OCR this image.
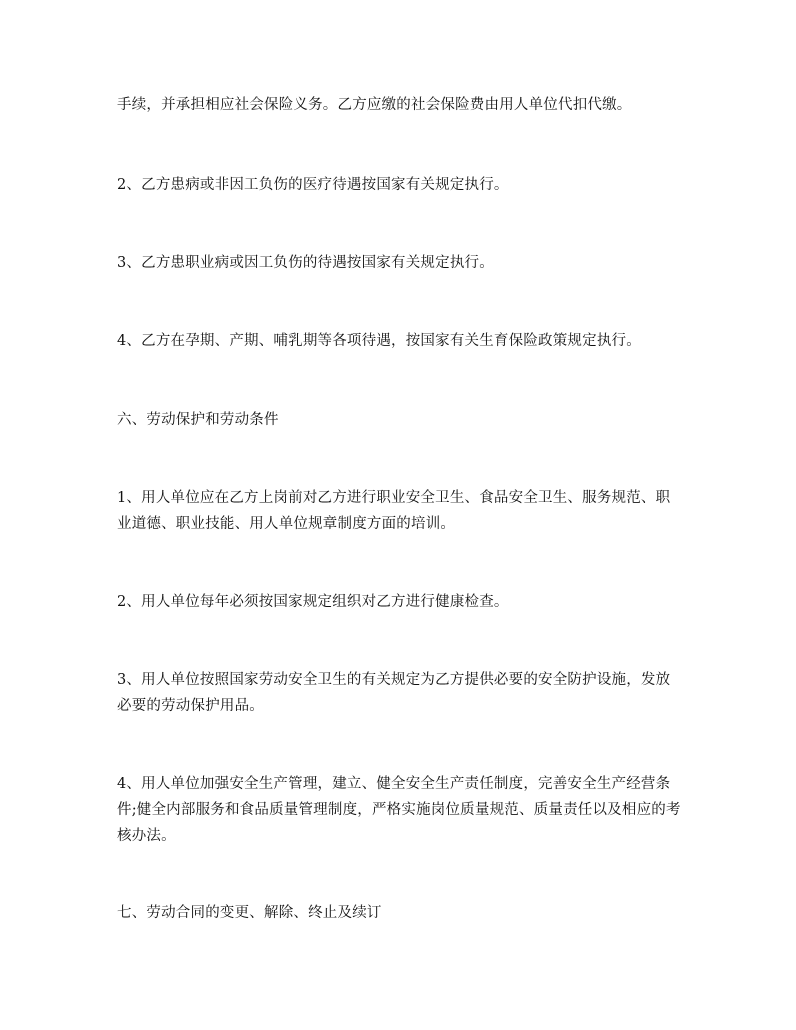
手续，并承担相应社会保险义务。乙方应缴的社会保险费由用人单位代扣代缴。

2、乙方患病或非因工负伤的医疗待遇按国家有关规定执行。

3、乙方患职业病或因工负伤的待遇按国家有关规定执行。

4、乙方在孕期、产期、哺乳期等各项待遇，按国家有关生育保险政策规定执行。

六、劳动保护和劳动条件

1、用人单位应在乙方上岗前对乙方进行职业安全卫生、食品安全卫生、服务规范、职业道德、职业技能、用人单位规章制度方面的培训。

2、用人单位每年必须按国家规定组织对乙方进行健康检查。

3、用人单位按照国家劳动安全卫生的有关规定为乙方提供必要的安全防护设施，发放必要的劳动保护用品。

4、用人单位加强安全生产管理，建立、健全安全生产责任制度，完善安全生产经营条件;健全内部服务和食品质量管理制度，严格实施岗位质量规范、质量责任以及相应的考核办法。

七、劳动合同的变更、解除、终止及续订
